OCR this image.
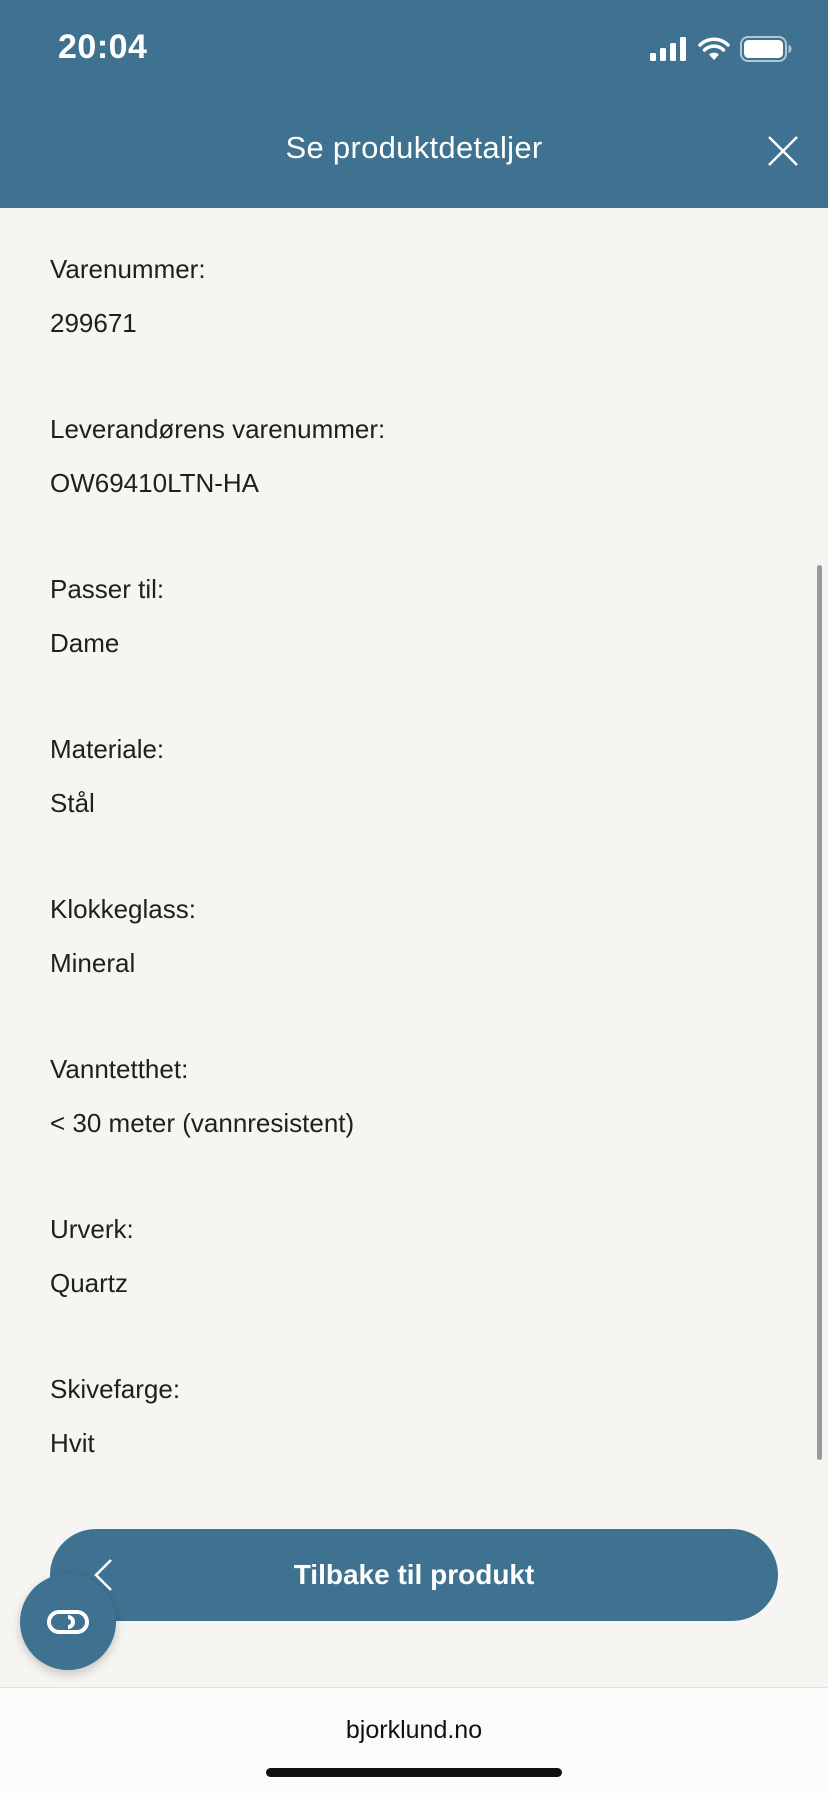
20:04
Se produktdetaljer
Varenummer:
299671
Leverandørens varenummer:
OW69410LTN-HA
Passer til:
Dame
Materiale:
Stål
Klokkeglass:
Mineral
Vanntetthet:
< 30 meter (vannresistent)
Urverk:
Quartz
Skivefarge:
Hvit
Tilbake til produkt
bjorklund.no
